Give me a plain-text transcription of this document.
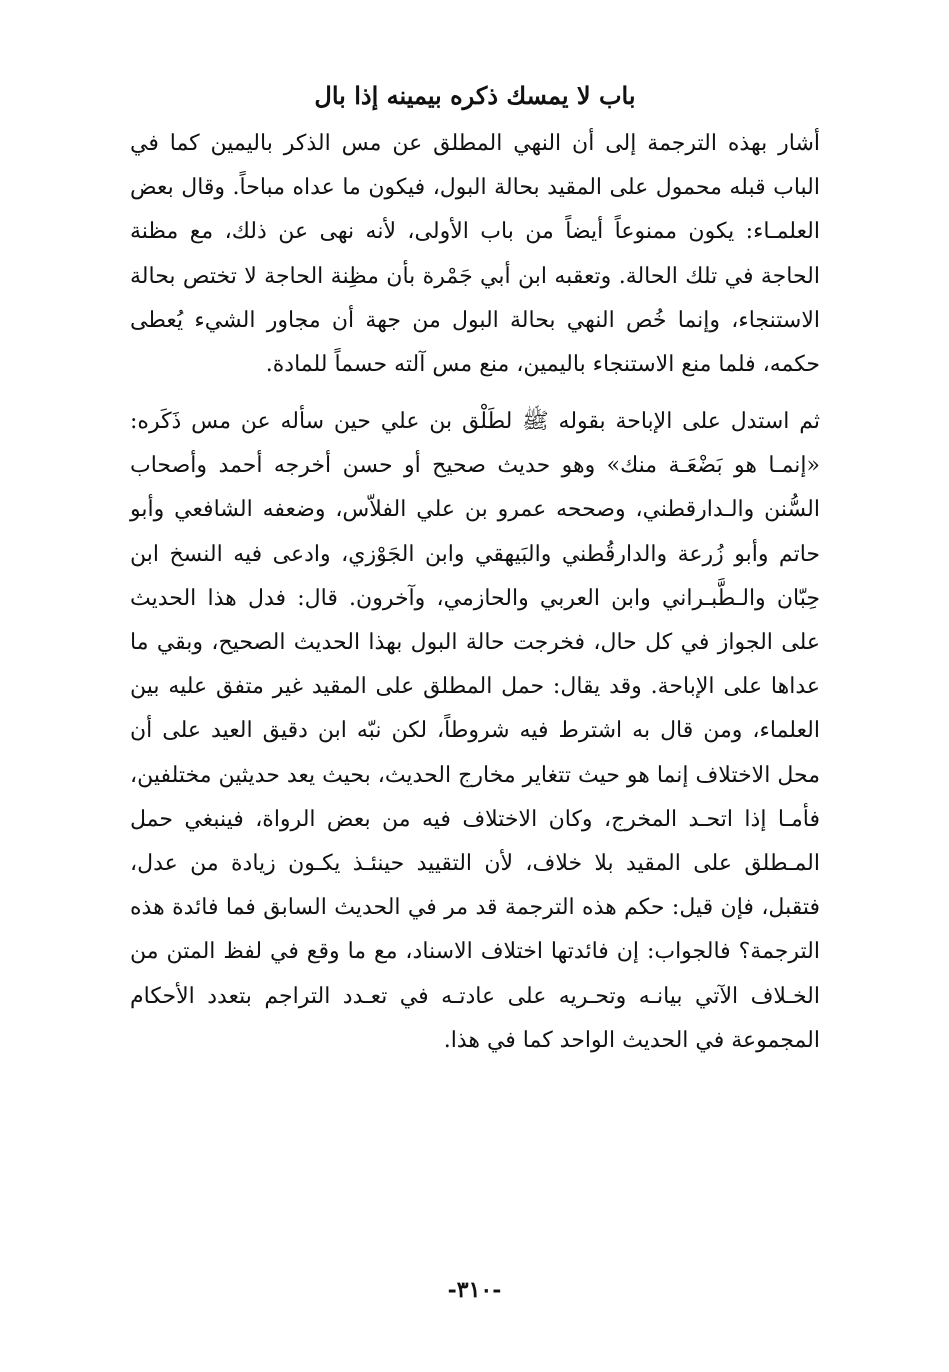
باب لا يمسك ذكره بيمينه إذا بال

أشار بهذه الترجمة إلى أن النهي المطلق عن مس الذكر باليمين كما في الباب قبله محمول على المقيد بحالة البول، فيكون ما عداه مباحاً. وقال بعض العلمـاء: يكون ممنوعاً أيضاً من باب الأولى، لأنه نهى عن ذلك، مع مظنة الحاجة في تلك الحالة. وتعقبه ابن أبي جَمْرة بأن مظِنة الحاجة لا تختص بحالة الاستنجاء، وإنما خُص النهي بحالة البول من جهة أن مجاور الشيء يُعطى حكمه، فلما منع الاستنجاء باليمين، منع مس آلته حسماً للمادة.

ثم استدل على الإباحة بقوله ﷺ لطَلْق بن علي حين سأله عن مس ذَكَره: «إنمـا هو بَضْعَـة منك» وهو حديث صحيح أو حسن أخرجه أحمد وأصحاب السُّنن والـدارقطني، وصححه عمرو بن علي الفلاّس، وضعفه الشافعي وأبو حاتم وأبو زُرعة والدارقُطني والبَيهقي وابن الجَوْزي، وادعى فيه النسخ ابن حِبّان والـطَّبـراني وابن العربي والحازمي، وآخرون. قال: فدل هذا الحديث على الجواز في كل حال، فخرجت حالة البول بهذا الحديث الصحيح، وبقي ما عداها على الإباحة. وقد يقال: حمل المطلق على المقيد غير متفق عليه بين العلماء، ومن قال به اشترط فيه شروطاً، لكن نبّه ابن دقيق العيد على أن محل الاختلاف إنما هو حيث تتغاير مخارج الحديث، بحيث يعد حديثين مختلفين، فأمـا إذا اتحـد المخرج، وكان الاختلاف فيه من بعض الرواة، فينبغي حمل المـطلق على المقيد بلا خلاف، لأن التقييد حينئـذ يكـون زيادة من عدل، فتقبل، فإن قيل: حكم هذه الترجمة قد مر في الحديث السابق فما فائدة هذه الترجمة؟ فالجواب: إن فائدتها اختلاف الاسناد، مع ما وقع في لفظ المتن من الخـلاف الآتي بيانـه وتحـريه على عادتـه في تعـدد التراجم بتعدد الأحكام المجموعة في الحديث الواحد كما في هذا.

-٣١٠-
